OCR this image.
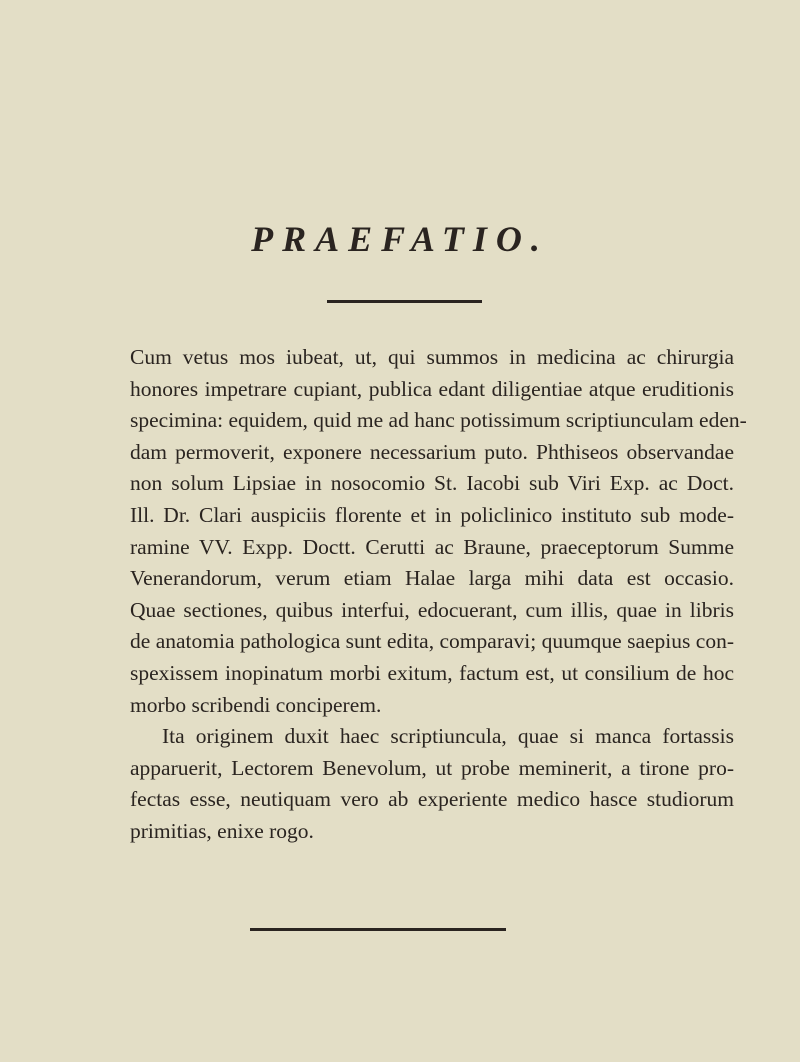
PRAEFATIO.
Cum vetus mos iubeat, ut, qui summos in medicina ac chirurgia
honores impetrare cupiant, publica edant diligentiae atque eruditionis
specimina: equidem, quid me ad hanc potissimum scriptiunculam eden-
dam permoverit, exponere necessarium puto. Phthiseos observandae
non solum Lipsiae in nosocomio St. Iacobi sub Viri Exp. ac Doct.
Ill. Dr. Clari auspiciis florente et in policlinico instituto sub mode-
ramine VV. Expp. Doctt. Cerutti ac Braune, praeceptorum Summe
Venerandorum, verum etiam Halae larga mihi data est occasio.
Quae sectiones, quibus interfui, edocuerant, cum illis, quae in libris
de anatomia pathologica sunt edita, comparavi; quumque saepius con-
spexissem inopinatum morbi exitum, factum est, ut consilium de hoc
morbo scribendi conciperem.
Ita originem duxit haec scriptiuncula, quae si manca fortassis
apparuerit, Lectorem Benevolum, ut probe meminerit, a tirone pro-
fectas esse, neutiquam vero ab experiente medico hasce studiorum
primitias, enixe rogo.
